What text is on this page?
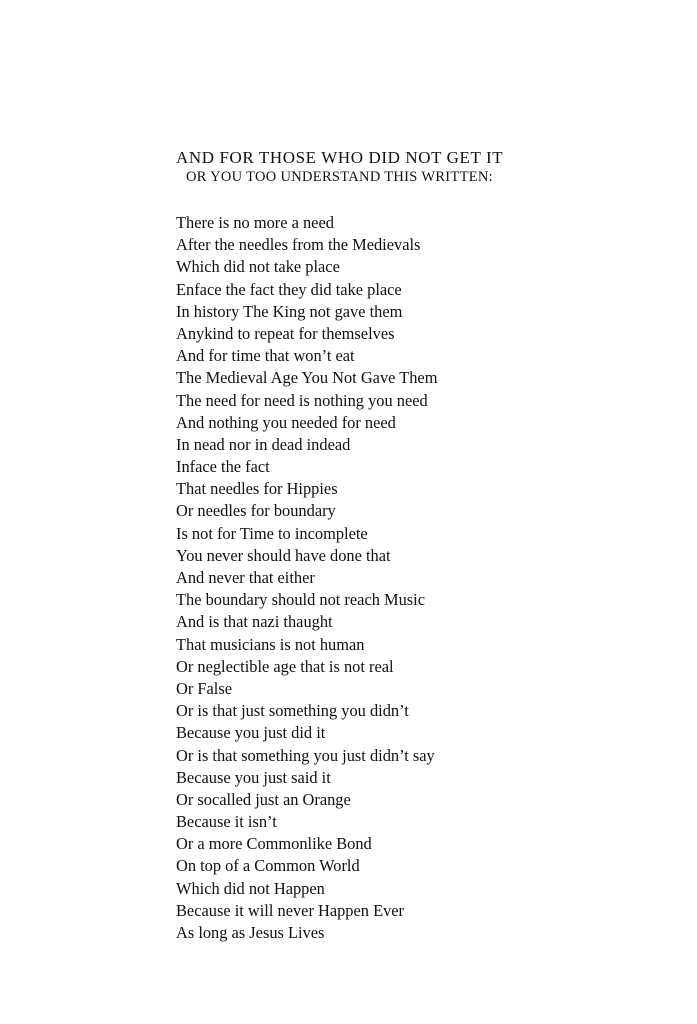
AND FOR THOSE WHO DID NOT GET IT
OR YOU TOO UNDERSTAND THIS WRITTEN:
There is no more a need
After the needles from the Medievals
Which did not take place
Enface the fact they did take place
In history The King not gave them
Anykind to repeat for themselves
And for time that won’t eat
The Medieval Age You Not Gave Them
The need for need is nothing you need
And nothing you needed for need
In nead nor in dead indead
Inface the fact
That needles for Hippies
Or needles for boundary
Is not for Time to incomplete
You never should have done that
And never that either
The boundary should not reach Music
And is that nazi thaught
That musicians is not human
Or neglectible age that is not real
Or False
Or is that just something you didn’t
Because you just did it
Or is that something you just didn’t say
Because you just said it
Or socalled just an Orange
Because it isn’t
Or a more Commonlike Bond
On top of a Common World
Which did not Happen
Because it will never Happen Ever
As long as Jesus Lives
